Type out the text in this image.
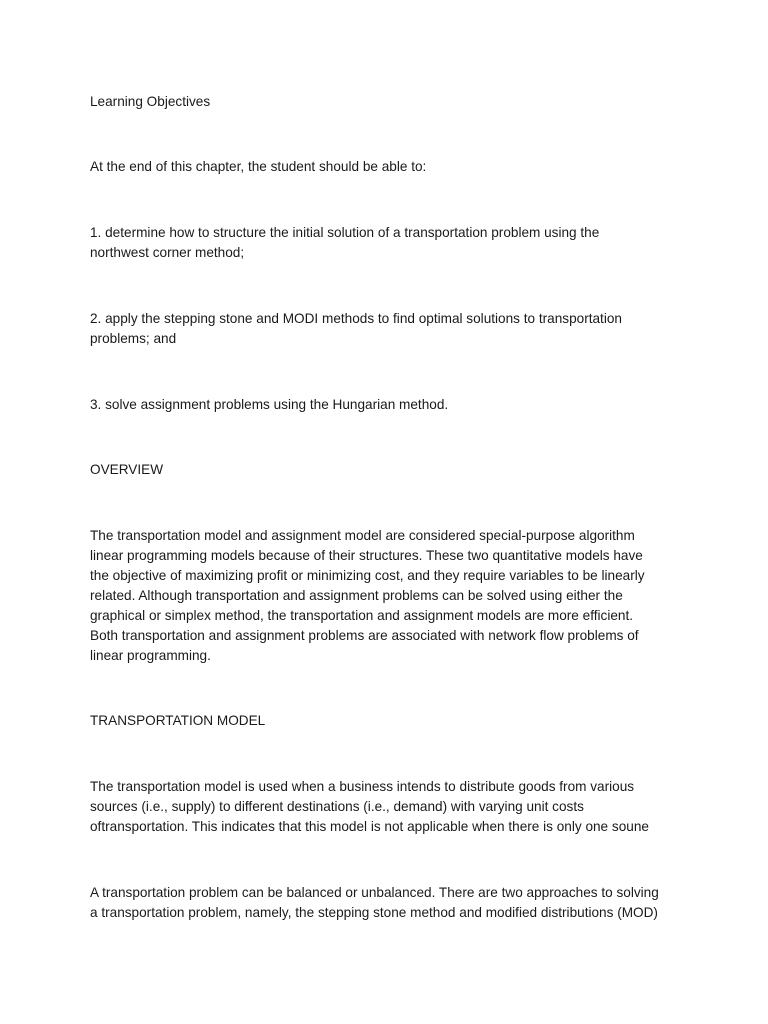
Learning Objectives

At the end of this chapter, the student should be able to:

1. determine how to structure the initial solution of a transportation problem using the
northwest corner method;

2. apply the stepping stone and MODI methods to find optimal solutions to transportation
problems; and

3. solve assignment problems using the Hungarian method.

OVERVIEW

The transportation model and assignment model are considered special-purpose algorithm
linear programming models because of their structures. These two quantitative models have
the objective of maximizing profit or minimizing cost, and they require variables to be linearly
related. Although transportation and assignment problems can be solved using either the
graphical or simplex method, the transportation and assignment models are more efficient.
Both transportation and assignment problems are associated with network flow problems of
linear programming.

TRANSPORTATION MODEL

The transportation model is used when a business intends to distribute goods from various
sources (i.e., supply) to different destinations (i.e., demand) with varying unit costs
oftransportation. This indicates that this model is not applicable when there is only one soune

A transportation problem can be balanced or unbalanced. There are two approaches to solving
a transportation problem, namely, the stepping stone method and modified distributions (MOD)
